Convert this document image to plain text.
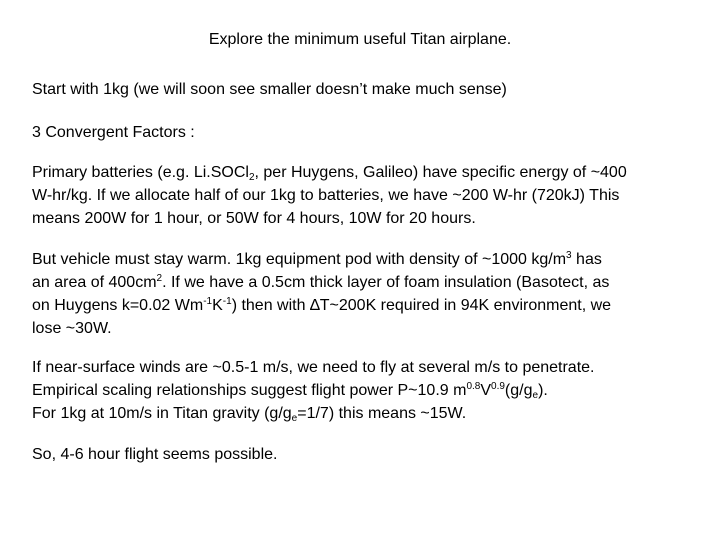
Explore the minimum useful Titan airplane.

Start with 1kg (we will soon see smaller doesn’t make much sense)

3 Convergent Factors :

Primary batteries (e.g. Li.SOCl$_2$, per Huygens, Galileo) have specific energy of ~400
W-hr/kg. If we allocate half of our 1kg to batteries, we have ~200 W-hr (720kJ) This
means 200W for 1 hour, or 50W for 4 hours, 10W for 20 hours.

But vehicle must stay warm. 1kg equipment pod with density of ~1000 $kg/m^3$ has
an area of $400cm^2$. If we have a 0.5cm thick layer of foam insulation (Basotect, as
on Huygens k=0.02 $Wm^{-1}K^{-1}$) then with ∆T~200K required in 94K environment, we
lose ~30W.

If near-surface winds are ~0.5-1 m/s, we need to fly at several m/s to penetrate.
Empirical scaling relationships suggest flight power P~10.9 $m^{0.8}V^{0.9}(g/g_e)$.
For 1kg at 10m/s in Titan gravity $(g/g_e=1/7)$ this means ~15W.

So, 4-6 hour flight seems possible.
